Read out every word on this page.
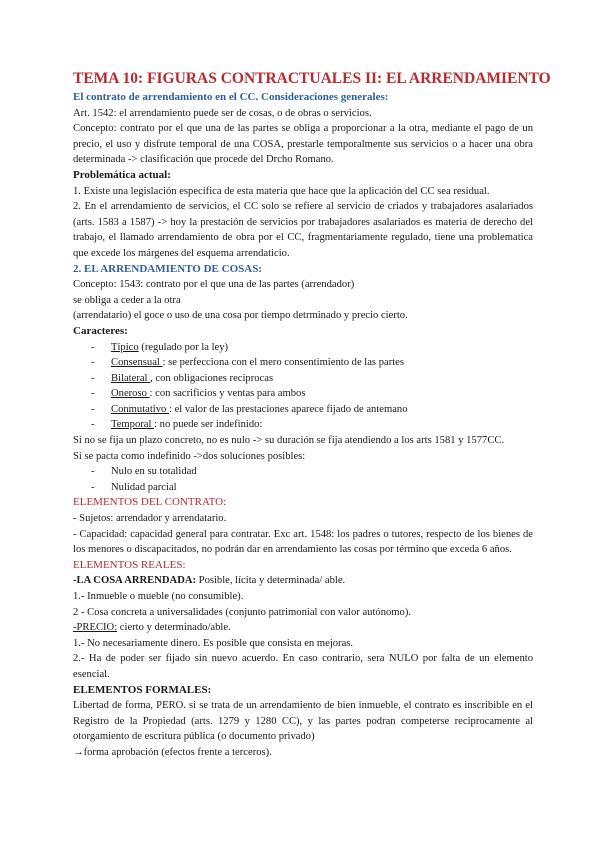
TEMA 10: FIGURAS CONTRACTUALES II: EL ARRENDAMIENTO
El contrato de arrendamiento en el CC. Consideraciones generales:

Art. 1542: el arrendamiento puede ser de cosas, o de obras o servicios.

Concepto: contrato por el que una de las partes se obliga a proporcionar a la otra, mediante el pago de un precio, el uso y disfrute temporal de una COSA, prestarle temporalmente sus servicios o a hacer una obra determinada -> clasificación que procede del Drcho Romano.

Problemática actual:

1. Existe una legislación específica de esta materia que hace que la aplicación del CC sea residual.

2. En el arrendamiento de servicios, el CC solo se refiere al servicio de criados y trabajadores asalariados (arts. 1583 a 1587) -> hoy la prestación de servicios por trabajadores asalariados es materia de derecho del trabajo, el llamado arrendamiento de obra por el CC, fragmentariamente regulado, tiene una problematica que excede los márgenes del esquema arrendaticio.

2. EL ARRENDAMIENTO DE COSAS:

Concepto: 1543: contrato por el que una de las partes (arrendador)

se obliga a ceder a la otra

(arrendatario) el goce o uso de una cosa por tiempo detrminado y precio cierto.

Caracteres:
- Típico (regulado por la ley)
- Consensual : se perfecciona con el mero consentimiento de las partes
- Bilateral , con obligaciones recíprocas
- Oneroso : con sacrificios y ventas para ambos
- Conmutativo : el valor de las prestaciones aparece fijado de antemano
- Temporal : no puede ser indefinido:

Si no se fija un plazo concreto, no es nulo -> su duración se fija atendiendo a los arts 1581 y 1577CC.

Si se pacta como indefinido ->dos soluciones posibles:

- Nulo en su totalidad
- Nulidad parcial
ELEMENTOS DEL CONTRATO:

- Sujetos: arrendador y arrendatario.

- Capacidad: capacidad general para contratar. Exc art. 1548: los padres o tutores, respecto de los bienes de los menores o discapacitados, no podrán dar en arrendamiento las cosas por término que exceda 6 años.

ELEMENTOS REALES:

-LA COSA ARRENDADA: Posible, lícita y determinada/ able.

1.- Inmueble o mueble (no consumible).

2 - Cosa concreta a universalidades (conjunto patrimonial con valor autónomo).

-PRECIO: cierto y determinado/able.

1.- No necesariamente dinero. Es posible que consista en mejoras.

2.- Ha de poder ser fijado sin nuevo acuerdo. En caso contrario, sera NULO por falta de un elemento esencial.

ELEMENTOS FORMALES:

Libertad de forma, PERO. si se trata de un arrendamiento de bien inmueble, el contrato es inscribible en el Registro de la Propiedad (arts. 1279 y 1280 CC), y las partes podran competerse reciprocamente al otorgamiento de escritura pública (o documento privado)

→forma aprobación (efectos frente a terceros).
